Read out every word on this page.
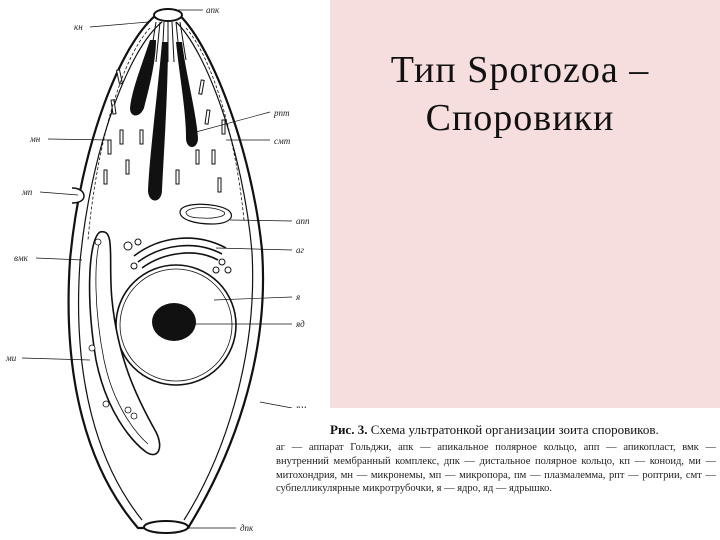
апк
кн
рпт
мн	смт
мп
апп
аг
вмк
я
яд
ми
дпк
Тип Sporozoa –
Споровики
Рис. 3. Схема ультратонкой организации зоита споровиков.
аг — аппарат Гольджи, апк — апикальное полярное кольцо, апп — апикопласт, вмк — внутренний мембранный комплекс, дпк — дистальное полярное кольцо, кп — коноид, ми — митохондрия, мн — микронемы, мп — микропора, пм — плазмалемма, рпт — роптрии, смт — субпелликулярные микротрубочки, я — ядро, яд — ядрышко.
